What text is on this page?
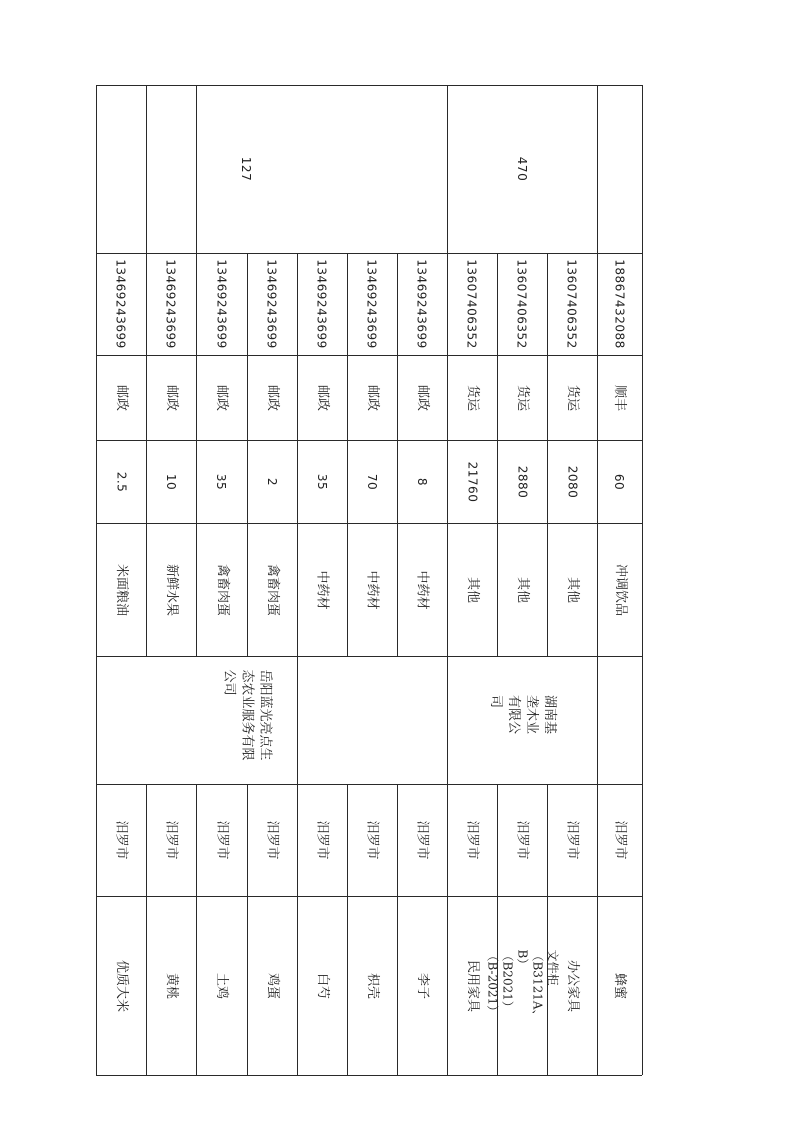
优质大米
汨罗市
米面粮油
2.5
邮政
13469243699
黄桃
汨罗市
新鲜水果
10
邮政
13469243699
土鸡
汨罗市
禽畜肉蛋
35
邮政
13469243699
鸡蛋
汨罗市
禽畜肉蛋
2
邮政
13469243699
白芍
汨罗市
中药材
35
邮政
13469243699
枳壳
汨罗市
中药材
70
邮政
13469243699
李子
汨罗市
中药材
8
邮政
13469243699
民用家具
汨罗市
其他
21760
货运
13607406352
文件柜（B3121A、B）（B2021）（B-2021）
汨罗市
其他
2880
货运
13607406352
办公家具
汨罗市
其他
2080
货运
13607406352
蜂蜜
汨罗市
冲调饮品
60
顺丰
18867432088
岳阳蓝光亮点生态农业服务有限公司
湖南基垄木业有限公司
127	470
